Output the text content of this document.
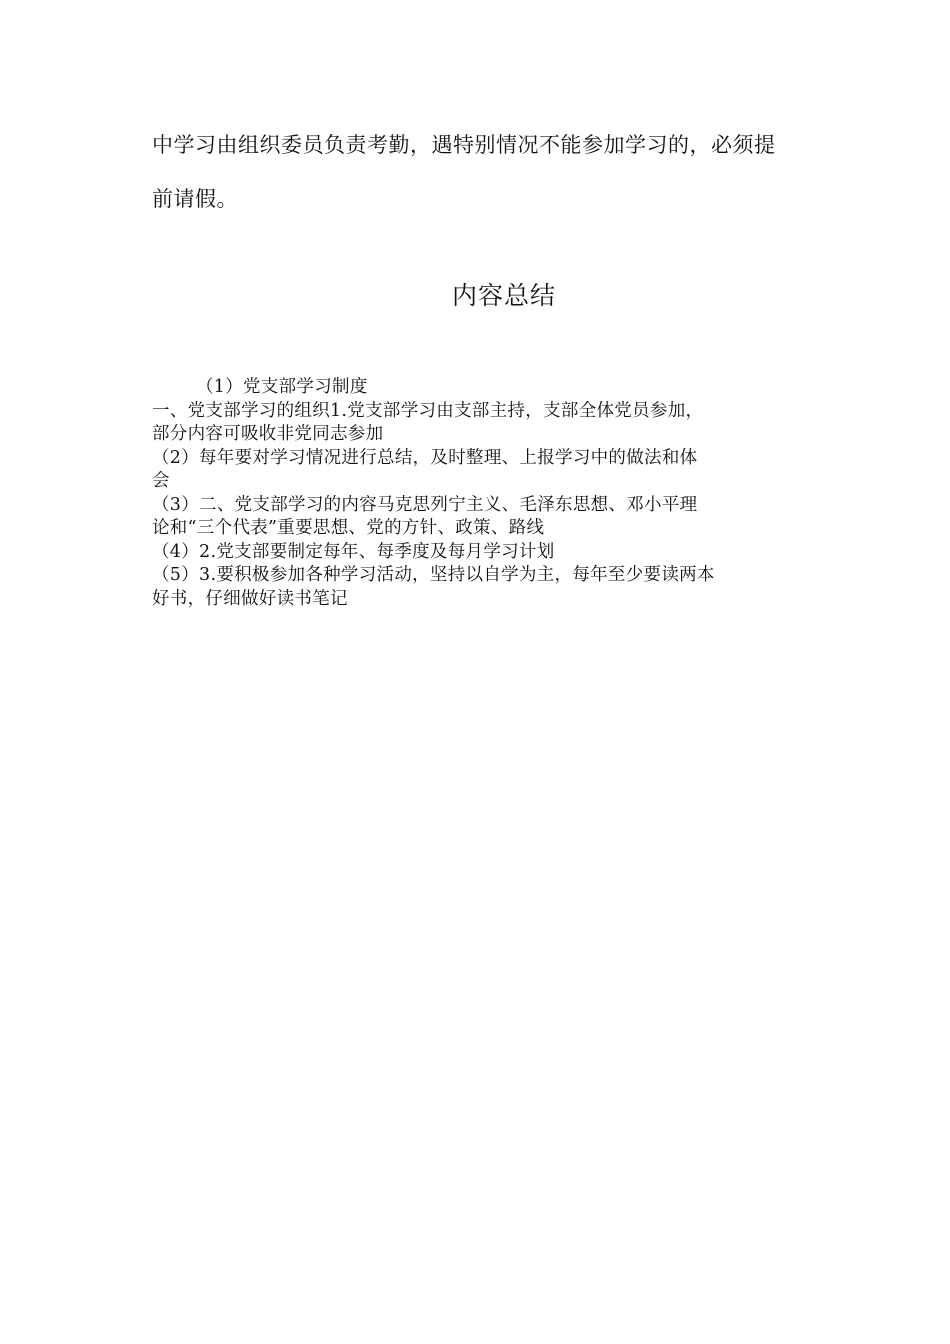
中学习由组织委员负责考勤，遇特别情况不能参加学习的，必须提

前请假。

内容总结

（1）党支部学习制度

一、党支部学习的组织1.党支部学习由支部主持，支部全体党员参加，

部分内容可吸收非党同志参加

（2）每年要对学习情况进行总结，及时整理、上报学习中的做法和体

会

（3）二、党支部学习的内容马克思列宁主义、毛泽东思想、邓小平理

论和“三个代表”重要思想、党的方针、政策、路线

（4）2.党支部要制定每年、每季度及每月学习计划

（5）3.要积极参加各种学习活动，坚持以自学为主，每年至少要读两本

好书，仔细做好读书笔记
